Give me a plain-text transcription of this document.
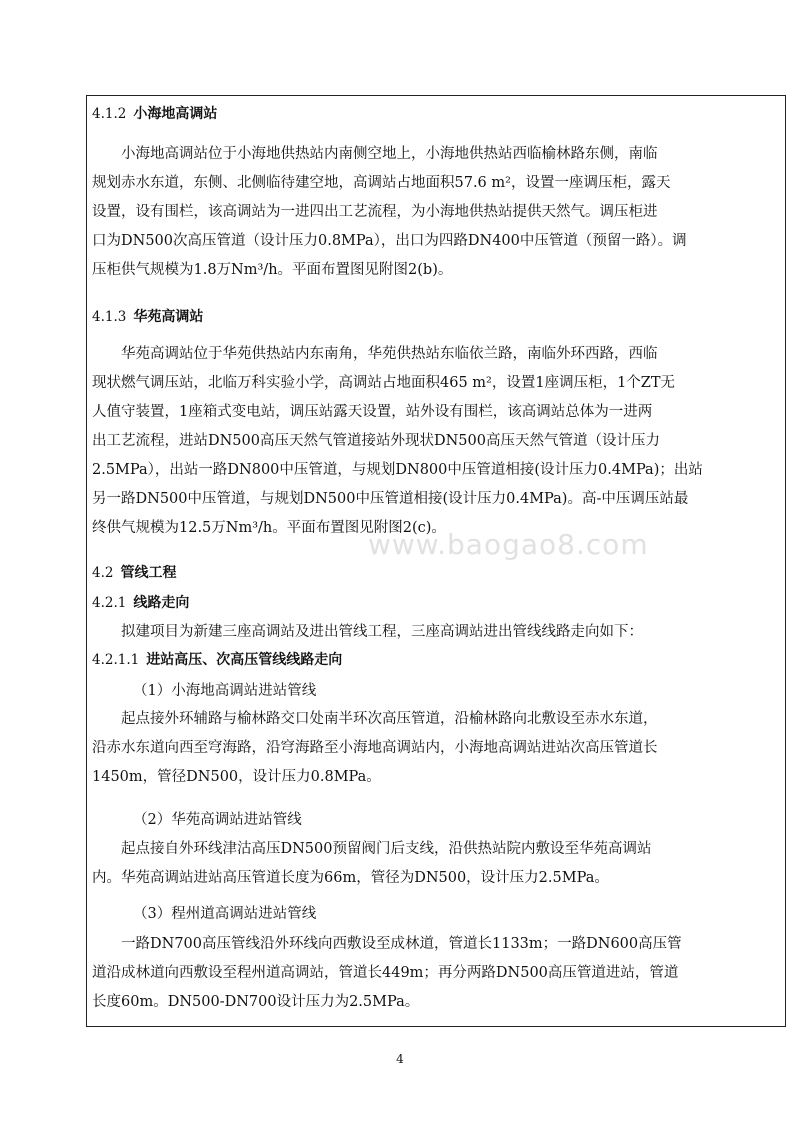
4.1.2 小海地高调站
小海地高调站位于小海地供热站内南侧空地上，小海地供热站西临榆林路东侧，南临
规划赤水东道，东侧、北侧临待建空地，高调站占地面积57.6 m²，设置一座调压柜，露天
设置，设有围栏，该高调站为一进四出工艺流程，为小海地供热站提供天然气。调压柜进
口为DN500次高压管道（设计压力0.8MPa），出口为四路DN400中压管道（预留一路）。调
压柜供气规模为1.8万Nm³/h。平面布置图见附图2(b)。
4.1.3 华苑高调站
华苑高调站位于华苑供热站内东南角，华苑供热站东临依兰路，南临外环西路，西临
现状燃气调压站，北临万科实验小学，高调站占地面积465 m²，设置1座调压柜，1个ZT无
人值守装置，1座箱式变电站，调压站露天设置，站外设有围栏，该高调站总体为一进两
出工艺流程，进站DN500高压天然气管道接站外现状DN500高压天然气管道（设计压力
2.5MPa），出站一路DN800中压管道，与规划DN800中压管道相接(设计压力0.4MPa)；出站
另一路DN500中压管道，与规划DN500中压管道相接(设计压力0.4MPa)。高-中压调压站最
终供气规模为12.5万Nm³/h。平面布置图见附图2(c)。
4.2 管线工程
4.2.1 线路走向
拟建项目为新建三座高调站及进出管线工程，三座高调站进出管线线路走向如下：
4.2.1.1 进站高压、次高压管线线路走向
（1）小海地高调站进站管线
起点接外环辅路与榆林路交口处南半环次高压管道，沿榆林路向北敷设至赤水东道，
沿赤水东道向西至穹海路，沿穹海路至小海地高调站内，小海地高调站进站次高压管道长
1450m，管径DN500，设计压力0.8MPa。
（2）华苑高调站进站管线
起点接自外环线津沽高压DN500预留阀门后支线，沿供热站院内敷设至华苑高调站
内。华苑高调站进站高压管道长度为66m，管径为DN500，设计压力2.5MPa。
（3）程州道高调站进站管线
一路DN700高压管线沿外环线向西敷设至成林道，管道长1133m；一路DN600高压管
道沿成林道向西敷设至程州道高调站，管道长449m；再分两路DN500高压管道进站，管道
长度60m。DN500-DN700设计压力为2.5MPa。
www.baogao8.com
4
